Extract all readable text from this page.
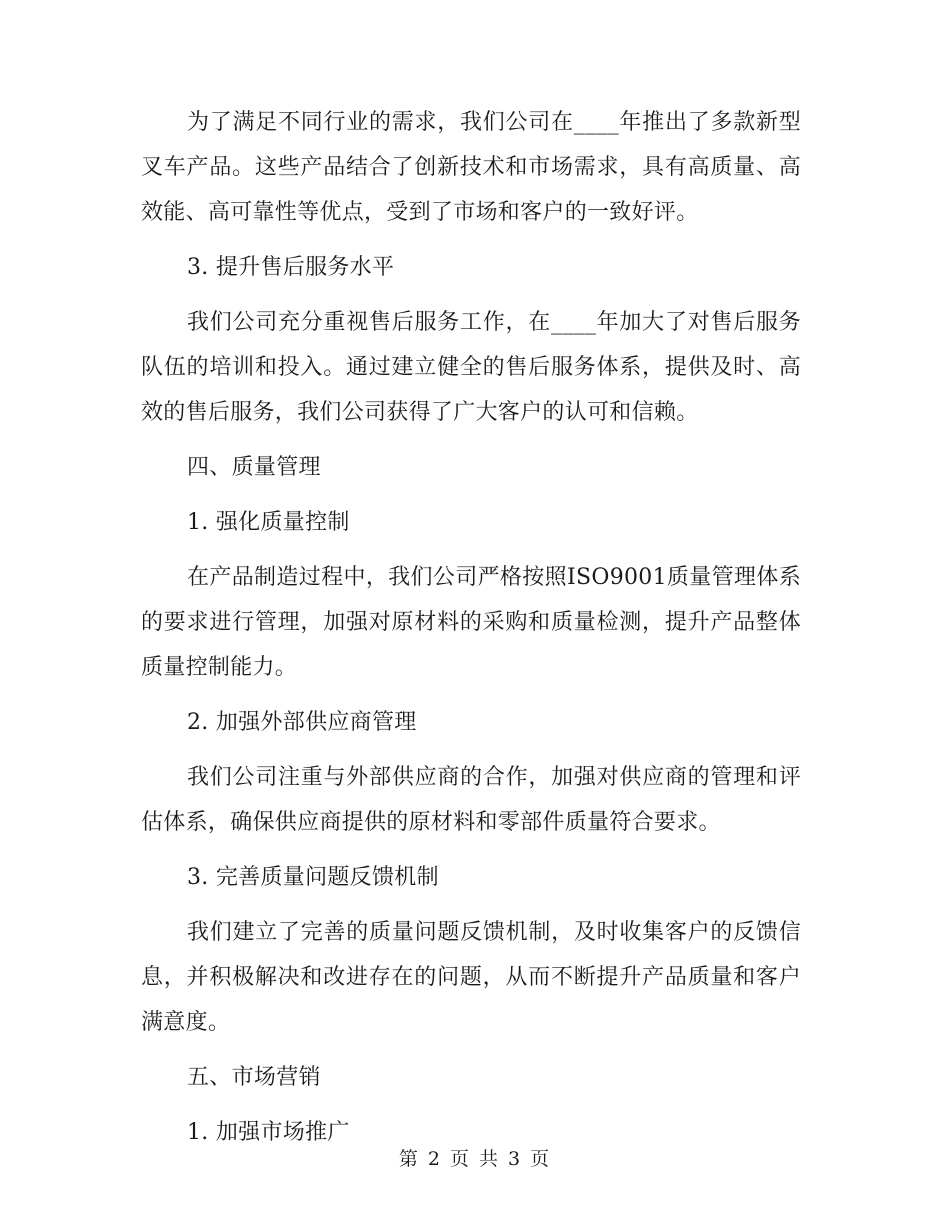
为了满足不同行业的需求，我们公司在____年推出了多款新型叉车产品。这些产品结合了创新技术和市场需求，具有高质量、高效能、高可靠性等优点，受到了市场和客户的一致好评。

3. 提升售后服务水平

我们公司充分重视售后服务工作，在____年加大了对售后服务队伍的培训和投入。通过建立健全的售后服务体系，提供及时、高效的售后服务，我们公司获得了广大客户的认可和信赖。

四、质量管理

1. 强化质量控制

在产品制造过程中，我们公司严格按照ISO9001质量管理体系的要求进行管理，加强对原材料的采购和质量检测，提升产品整体质量控制能力。

2. 加强外部供应商管理

我们公司注重与外部供应商的合作，加强对供应商的管理和评估体系，确保供应商提供的原材料和零部件质量符合要求。

3. 完善质量问题反馈机制

我们建立了完善的质量问题反馈机制，及时收集客户的反馈信息，并积极解决和改进存在的问题，从而不断提升产品质量和客户满意度。

五、市场营销

1. 加强市场推广

第 2 页 共 3 页
